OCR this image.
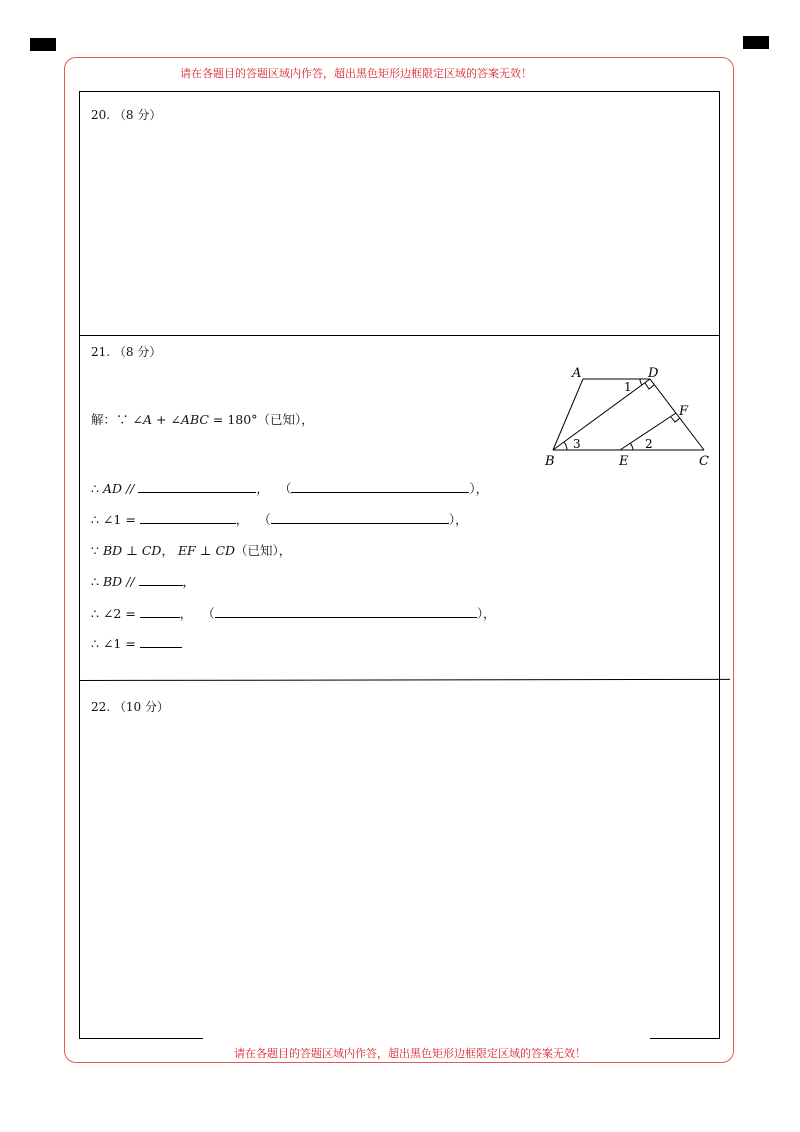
请在各题目的答题区域内作答，超出黑色矩形边框限定区域的答案无效！
请在各题目的答题区域内作答，超出黑色矩形边框限定区域的答案无效！
20. （8 分）
21. （8 分）
解：∵ ∠A + ∠ABC = 180°（已知），
∴ AD //	， （	），
∴ ∠1 =	， （	），
∵ BD ⊥ CD， EF ⊥ CD（已知），
∴ BD //	，
∴ ∠2 =	， （	），
∴ ∠1 =
A	D
F
B	E	C
1
2
3
22. （10 分）
